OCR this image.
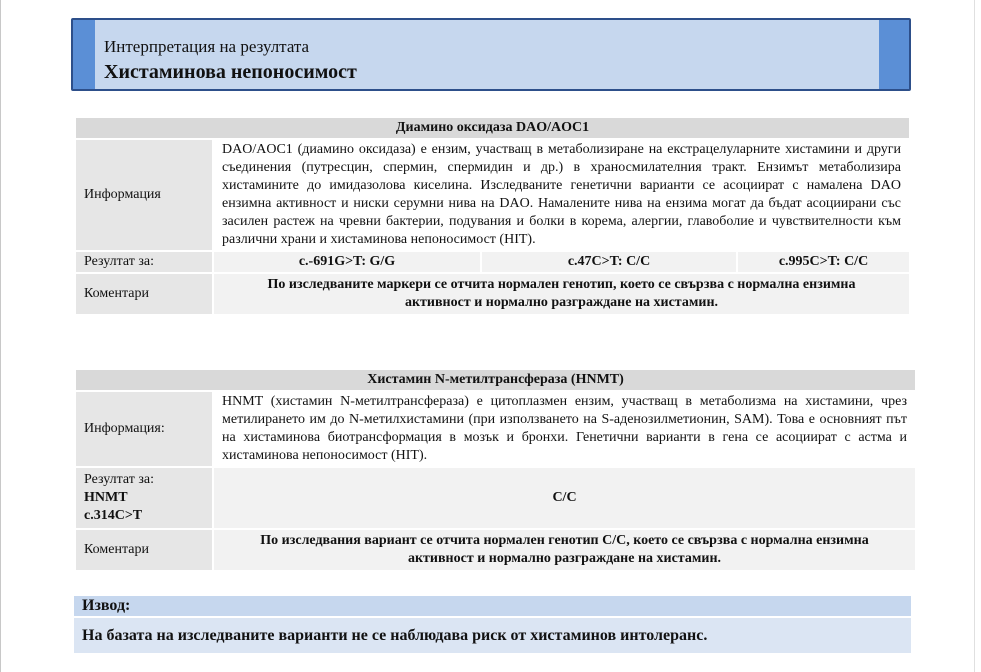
Интерпретация на резултата
Хистаминова непоносимост
Диамино оксидаза DAO/AOC1			
Информация	DAO/AOC1 (диамино оксидаза) е ензим, участващ в метаболизиране на екстрацелуларните хистамини и други съединения (путресцин, спермин, спермидин и др.) в храносмилателния тракт. Ензимът метаболизира хистамините до имидазолова киселина. Изследваните генетични варианти се асоциират с намалена DAO ензимна активност и ниски серумни нива на DAO. Намалените нива на ензима могат да бъдат асоциирани със засилен растеж на чревни бактерии, подувания и болки в корема, алергии, главоболие и чувствителности към различни храни и хистаминова непоносимост (HIT).		
Резултат за:	c.-691G>T: G/G	c.47C>T: C/C	c.995C>T: C/C
Коментари	По изследваните маркери се отчита нормален генотип, което се свързва с нормална ензимна активност и нормално разграждане на хистамин.		
Хистамин N-метилтрансфераза (HNMT)	
Информация:	HNMT (хистамин N-метилтрансфераза) е цитоплазмен ензим, участващ в метаболизма на хистамини, чрез метилирането им до N-метилхистамини (при използването на S-аденозилметионин, SAM). Това е основният път на хистаминова биотрансформация в мозък и бронхи. Генетични варианти в гена се асоциират с астма и хистаминова непоносимост (HIT).

Резултат за:
HNMT
c.314C>T	C/C
Коментари	По изследвания вариант се отчита нормален генотип C/C, което се свързва с нормална ензимна активност и нормално разграждане на хистамин.
Извод:
На базата на изследваните варианти не се наблюдава риск от хистаминов интолеранс.
